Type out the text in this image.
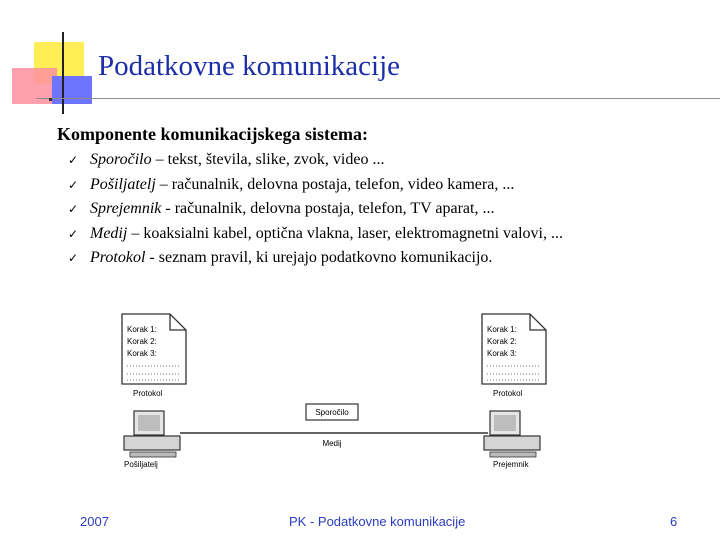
Podatkovne komunikacije
Komponente komunikacijskega sistema:
✓ Sporočilo – tekst, števila, slike, zvok, video ...
✓ Pošiljatelj – računalnik, delovna postaja, telefon, video kamera, ...
✓ Sprejemnik - računalnik, delovna postaja, telefon, TV aparat, ...
✓ Medij – koaksialni kabel, optična vlakna, laser, elektromagnetni valovi, ...
✓ Protokol - seznam pravil, ki urejajo podatkovno komunikacijo.
Korak 1:
Korak 2:
Korak 3:
Protokol
Korak 1:
Korak 2:
Korak 3:
Protokol
Sporočilo
Medij
Pošiljatelj	Prejemnik
2007	PK - Podatkovne komunikacije	6
